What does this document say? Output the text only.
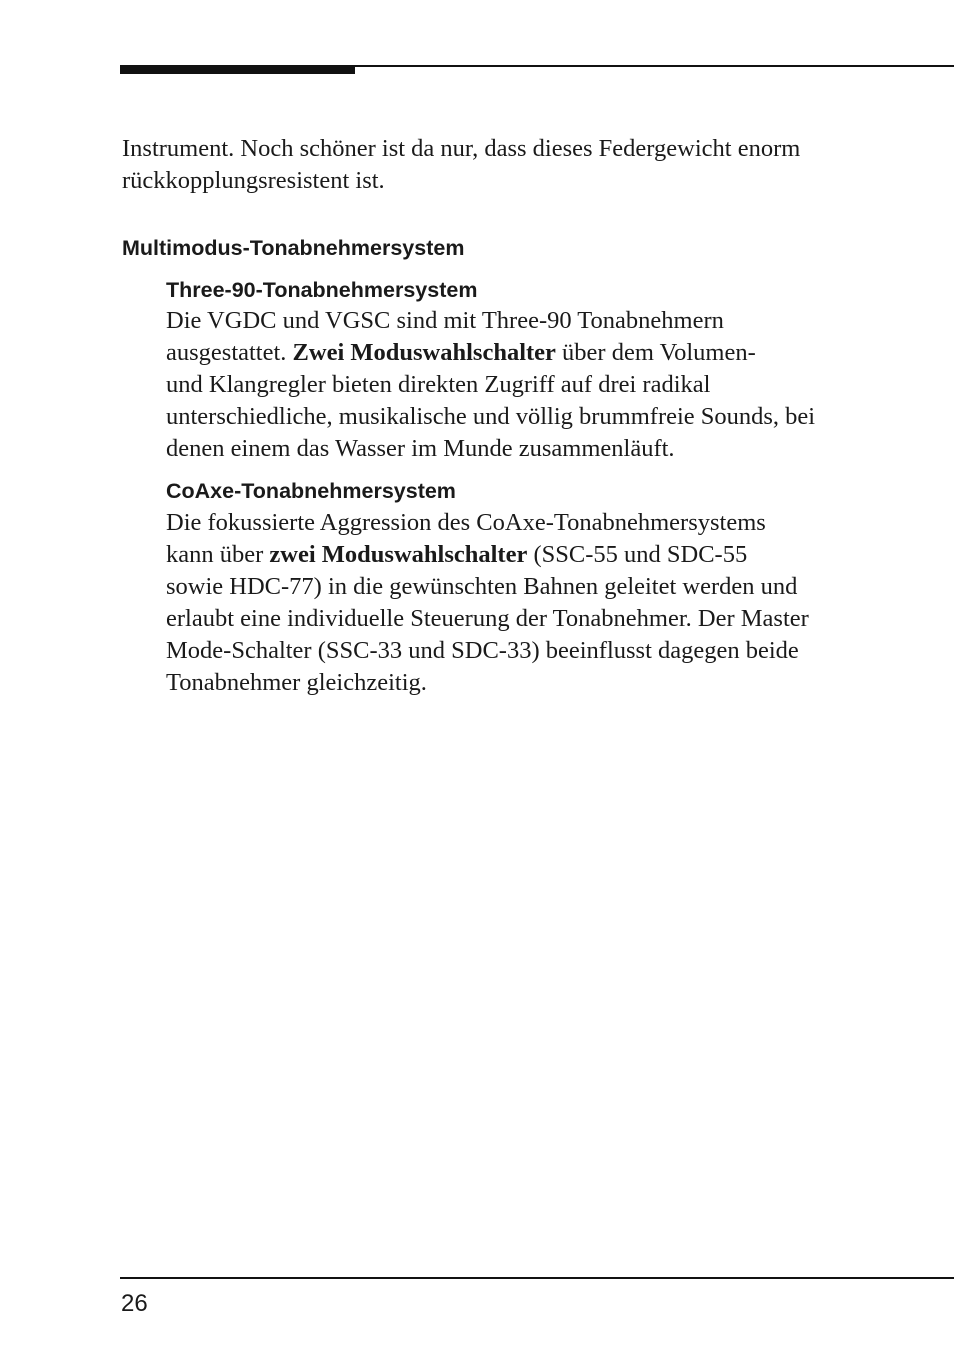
Instrument. Noch schöner ist da nur, dass dieses Federgewicht enorm
rückkopplungsresistent ist.

Multimodus-Tonabnehmersystem
Three-90-Tonabnehmersystem

Die VGDC und VGSC sind mit Three-90 Tonabnehmern
ausgestattet. Zwei Moduswahlschalter über dem Volumen-
und Klangregler bieten direkten Zugriff auf drei radikal
unterschiedliche, musikalische und völlig brummfreie Sounds, bei
denen einem das Wasser im Munde zusammenläuft.

CoAxe-Tonabnehmersystem

Die fokussierte Aggression des CoAxe-Tonabnehmersystems
kann über zwei Moduswahlschalter (SSC-55 und SDC-55
sowie HDC-77) in die gewünschten Bahnen geleitet werden und
erlaubt eine individuelle Steuerung der Tonabnehmer. Der Master
Mode-Schalter (SSC-33 und SDC-33) beeinflusst dagegen beide
Tonabnehmer gleichzeitig.

26
